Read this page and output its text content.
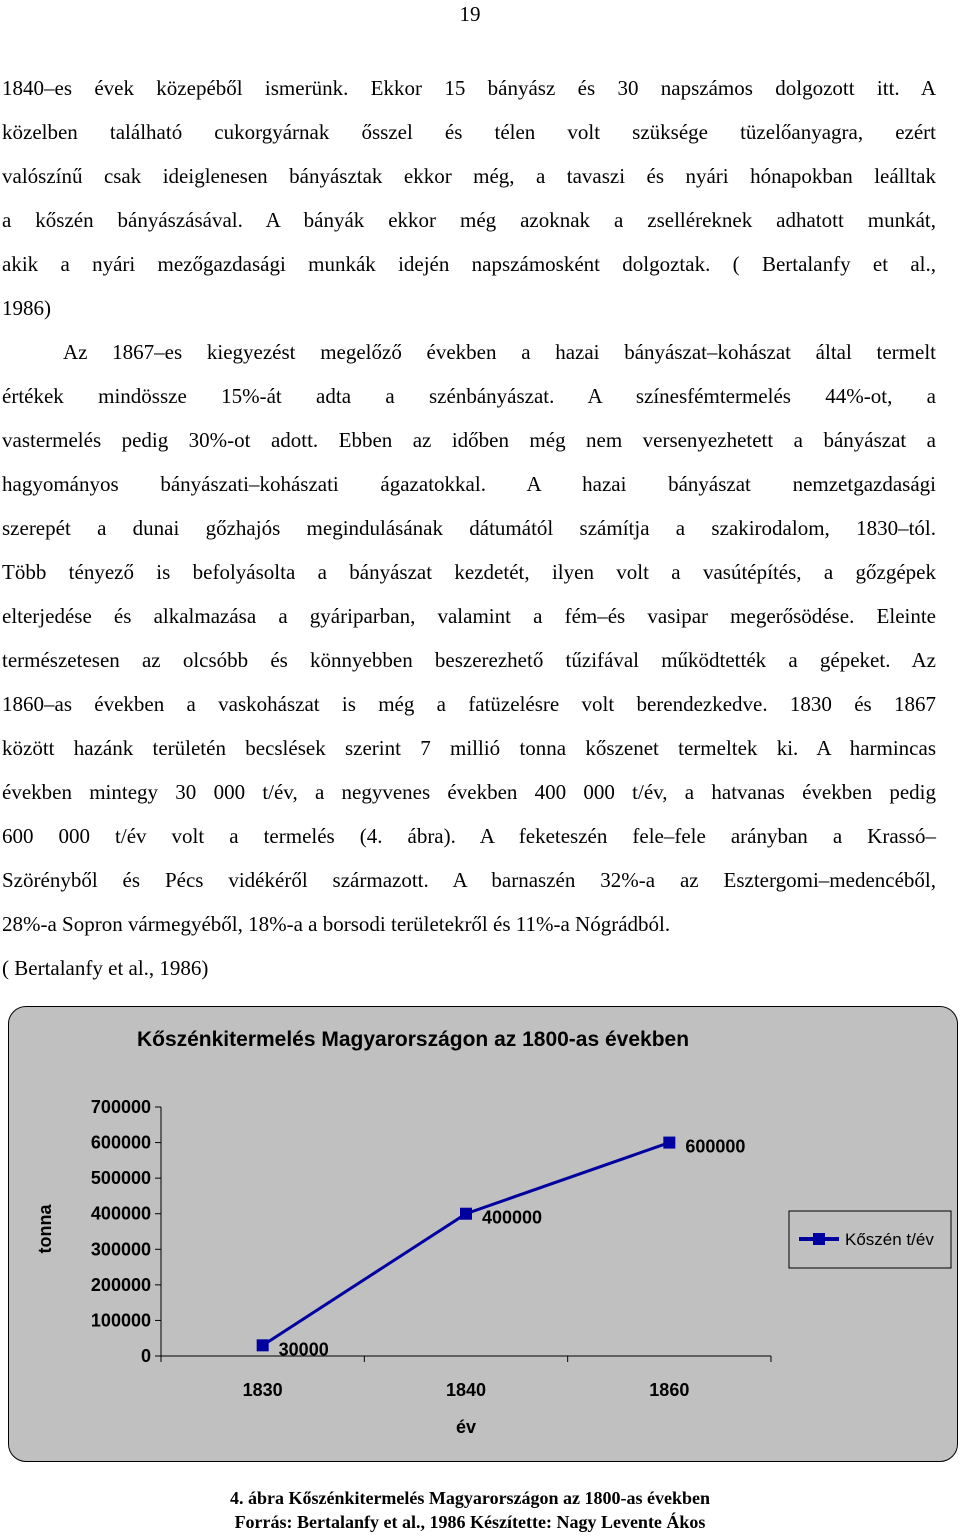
19
1840–es évek közepéből ismerünk. Ekkor 15 bányász és 30 napszámos dolgozott itt. A
közelben található cukorgyárnak ősszel és télen volt szüksége tüzelőanyagra, ezért
valószínű csak ideiglenesen bányásztak ekkor még, a tavaszi és nyári hónapokban leálltak
a kőszén bányászásával. A bányák ekkor még azoknak a zselléreknek adhatott munkát,
akik a nyári mezőgazdasági munkák idején napszámosként dolgoztak. ( Bertalanfy et al.,
1986)
Az 1867–es kiegyezést megelőző években a hazai bányászat–kohászat által termelt
értékek mindössze 15%-át adta a szénbányászat. A színesfémtermelés 44%-ot, a
vastermelés pedig 30%-ot adott. Ebben az időben még nem versenyezhetett a bányászat a
hagyományos bányászati–kohászati ágazatokkal. A hazai bányászat nemzetgazdasági
szerepét a dunai gőzhajós megindulásának dátumától számítja a szakirodalom, 1830–tól.
Több tényező is befolyásolta a bányászat kezdetét, ilyen volt a vasútépítés, a gőzgépek
elterjedése és alkalmazása a gyáriparban, valamint a fém–és vasipar megerősödése. Eleinte
természetesen az olcsóbb és könnyebben beszerezhető tűzifával működtették a gépeket. Az
1860–as években a vaskohászat is még a fatüzelésre volt berendezkedve. 1830 és 1867
között hazánk területén becslések szerint 7 millió tonna kőszenet termeltek ki. A harmincas
években mintegy 30 000 t/év, a negyvenes években 400 000 t/év, a hatvanas években pedig
600 000 t/év volt a termelés (4. ábra). A feketeszén fele–fele arányban a Krassó–
Szörényből és Pécs vidékéről származott. A barnaszén 32%-a az Esztergomi–medencéből,
28%-a Sopron vármegyéből, 18%-a a borsodi területekről és 11%-a Nógrádból.
( Bertalanfy et al., 1986)
Kőszénkitermelés Magyarországon az 1800-as években
tonna
év
0
100000
200000
300000
400000
500000
600000
700000
1830	1840	1860
30000
400000
600000
Kőszén t/év
4. ábra Kőszénkitermelés Magyarországon az 1800-as években
Forrás: Bertalanfy et al., 1986 Készítette: Nagy Levente Ákos
